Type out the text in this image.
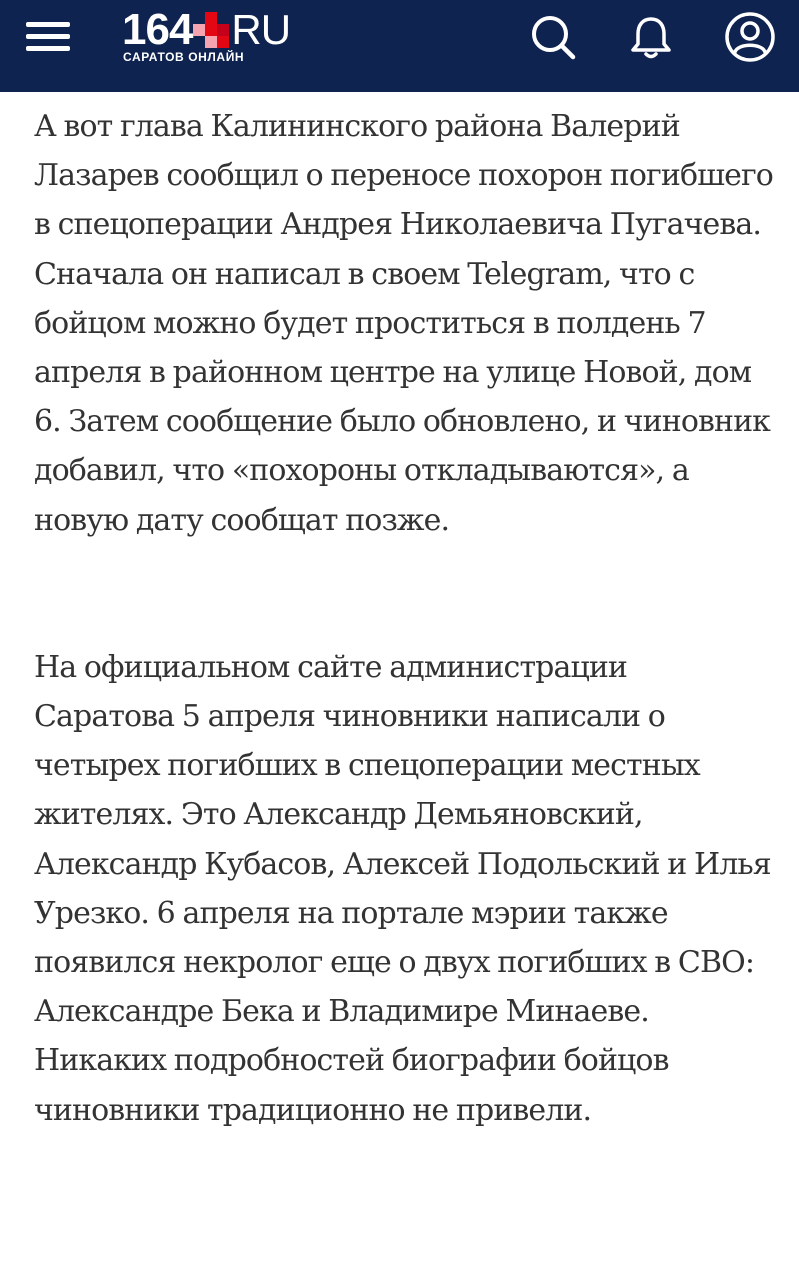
164 RU
САРАТОВ ОНЛАЙН

А вот глава Калининского района Валерий Лазарев сообщил о переносе похорон погибшего в спецоперации Андрея Николаевича Пугачева. Сначала он написал в своем Telegram, что с бойцом можно будет проститься в полдень 7 апреля в районном центре на улице Новой, дом 6. Затем сообщение было обновлено, и чиновник добавил, что «похороны откладываются», а новую дату сообщат позже.

На официальном сайте администрации Саратова 5 апреля чиновники написали о четырех погибших в спецоперации местных жителях. Это Александр Демьяновский, Александр Кубасов, Алексей Подольский и Илья Урезко. 6 апреля на портале мэрии также появился некролог еще о двух погибших в СВО: Александре Бека и Владимире Минаеве. Никаких подробностей биографии бойцов чиновники традиционно не привели.
